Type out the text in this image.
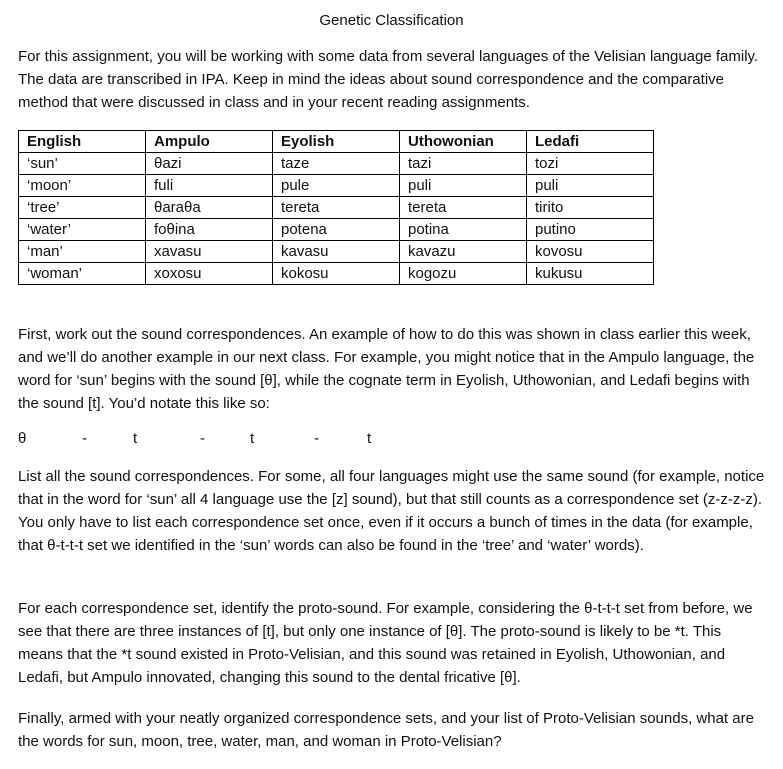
Genetic Classification

For this assignment, you will be working with some data from several languages of the Velisian language family. The data are transcribed in IPA. Keep in mind the ideas about sound correspondence and the comparative method that were discussed in class and in your recent reading assignments.

English	Ampulo	Eyolish	Uthowonian	Ledafi
‘sun’	θazi	taze	tazi	tozi
‘moon’	fuli	pule	puli	puli
‘tree’	θaraθa	tereta	tereta	tirito
‘water’	foθina	potena	potina	putino
‘man’	xavasu	kavasu	kavazu	kovosu
‘woman’	xoxosu	kokosu	kogozu	kukusu

First, work out the sound correspondences. An example of how to do this was shown in class earlier this week, and we’ll do another example in our next class. For example, you might notice that in the Ampulo language, the word for ‘sun’ begins with the sound [θ], while the cognate term in Eyolish, Uthowonian, and Ledafi begins with the sound [t]. You’d notate this like so:

θ	-	t	-	t	-	t

List all the sound correspondences. For some, all four languages might use the same sound (for example, notice that in the word for ‘sun’ all 4 language use the [z] sound), but that still counts as a correspondence set (z-z-z-z). You only have to list each correspondence set once, even if it occurs a bunch of times in the data (for example, that θ-t-t-t set we identified in the ‘sun’ words can also be found in the ‘tree’ and ‘water’ words).

For each correspondence set, identify the proto-sound. For example, considering the θ-t-t-t set from before, we see that there are three instances of [t], but only one instance of [θ]. The proto-sound is likely to be *t. This means that the *t sound existed in Proto-Velisian, and this sound was retained in Eyolish, Uthowonian, and Ledafi, but Ampulo innovated, changing this sound to the dental fricative [θ].

Finally, armed with your neatly organized correspondence sets, and your list of Proto-Velisian sounds, what are the words for sun, moon, tree, water, man, and woman in Proto-Velisian?
